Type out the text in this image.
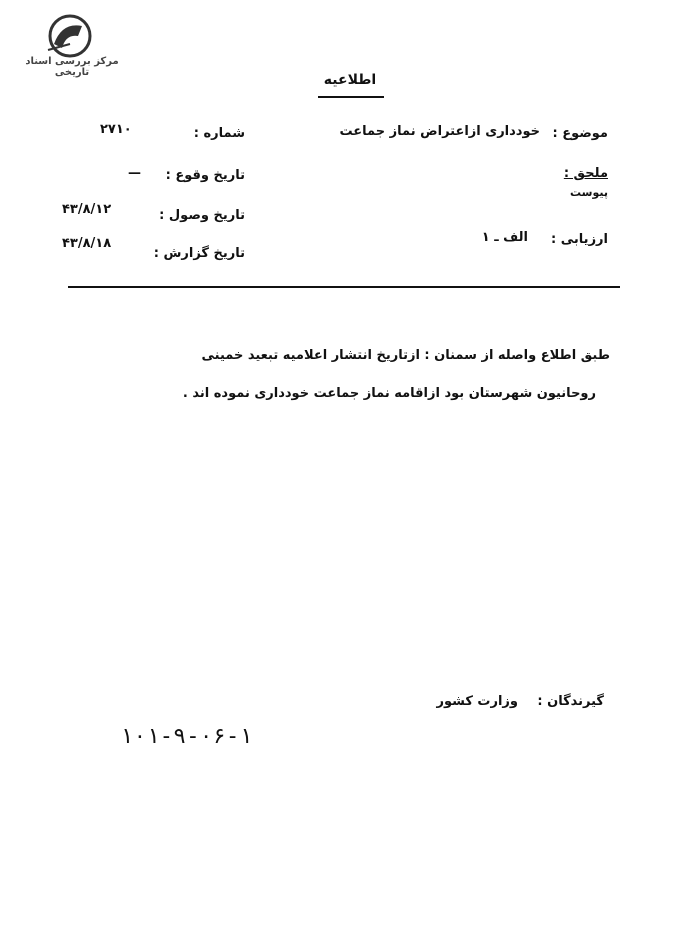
مرکز بررسی اسناد تاریخی	اطلاعیه
موضوع :
خودداری ازاعتراض نماز جماعت
ملحق :
پیوست
ارزیابی :
الف ـ ۱
شماره :
۲۷۱۰
تاریخ وقوع :
—
تاریخ وصول :
۴۳/۸/۱۲
تاریخ گزارش :
۴۳/۸/۱۸
طبق اطلاع واصله از سمنان : ازتاریخ انتشار اعلامیه تبعید خمینی
روحانیون شهرستان بود ازاقامه نماز جماعت خودداری نموده اند .
گیرندگان :
وزارت کشور
۱۰۱-۹-۰۶-۱
